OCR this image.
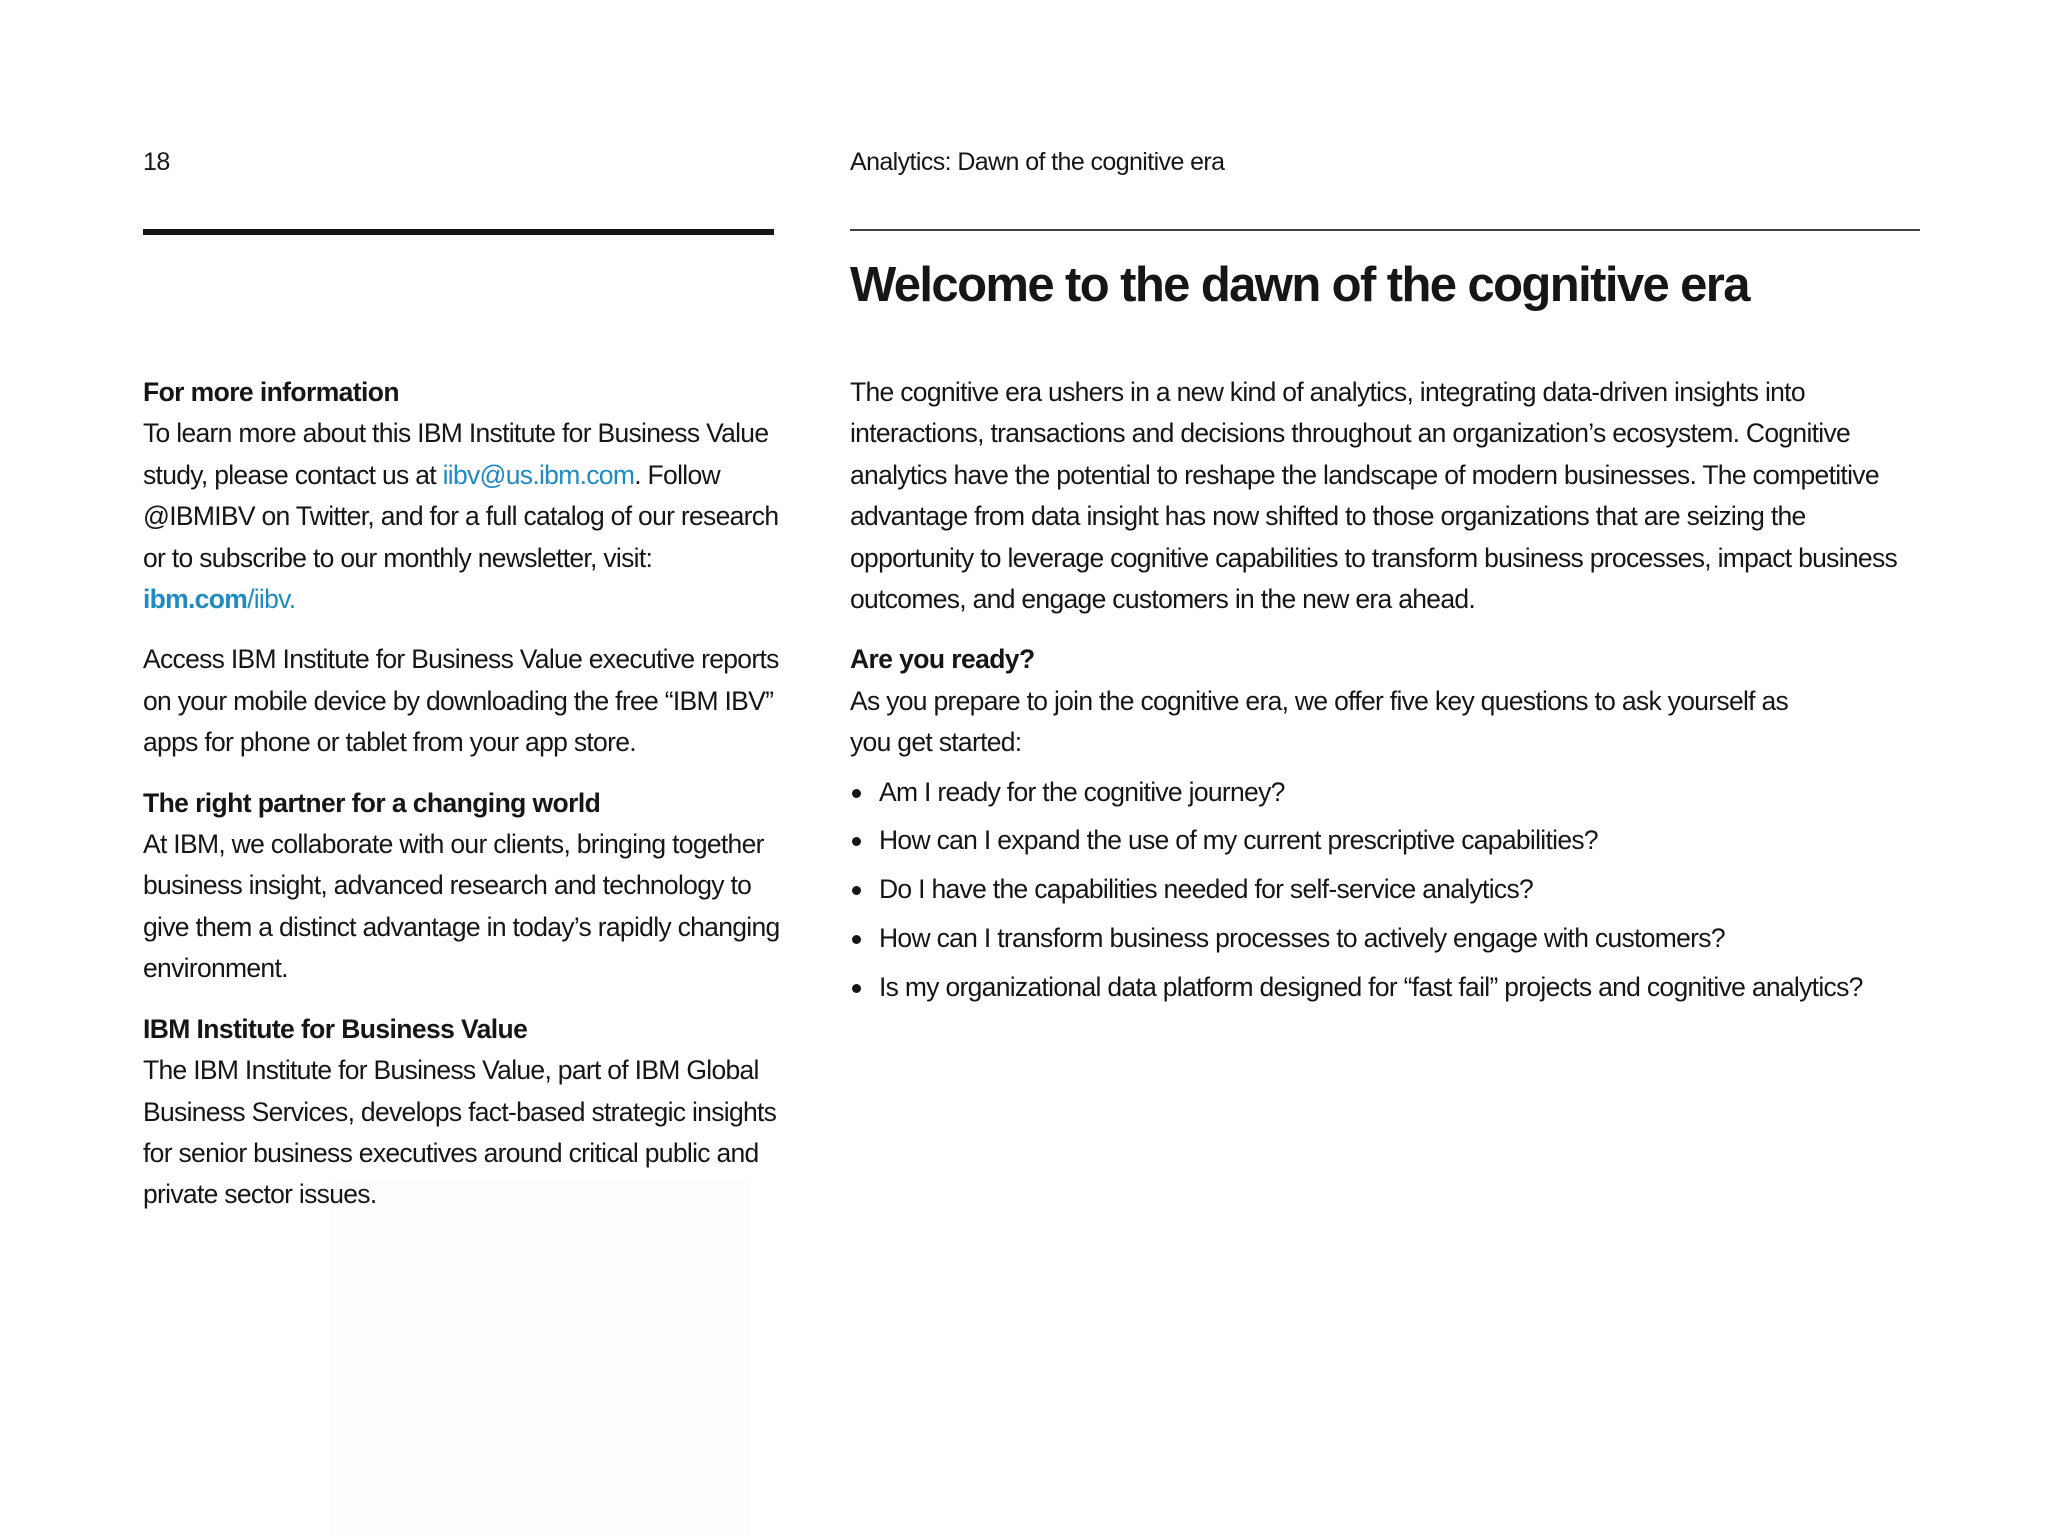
18	Analytics: Dawn of the cognitive era
Welcome to the dawn of the cognitive era
For more information

To learn more about this IBM Institute for Business Value study, please contact us at iibv@us.ibm.com. Follow @IBMIBV on Twitter, and for a full catalog of our research or to subscribe to our monthly newsletter, visit: ibm.com/iibv.

Access IBM Institute for Business Value executive reports on your mobile device by downloading the free “IBM IBV” apps for phone or tablet from your app store.

The right partner for a changing world

At IBM, we collaborate with our clients, bringing together business insight, advanced research and technology to give them a distinct advantage in today’s rapidly changing environment.

IBM Institute for Business Value

The IBM Institute for Business Value, part of IBM Global Business Services, develops fact-based strategic insights for senior business executives around critical public and private sector issues.

The cognitive era ushers in a new kind of analytics, integrating data-driven insights into interactions, transactions and decisions throughout an organization’s ecosystem. Cognitive analytics have the potential to reshape the landscape of modern businesses. The competitive advantage from data insight has now shifted to those organizations that are seizing the opportunity to leverage cognitive capabilities to transform business processes, impact business outcomes, and engage customers in the new era ahead.

Are you ready?

As you prepare to join the cognitive era, we offer five key questions to ask yourself as you get started:

Am I ready for the cognitive journey?
How can I expand the use of my current prescriptive capabilities?
Do I have the capabilities needed for self-service analytics?
How can I transform business processes to actively engage with customers?
Is my organizational data platform designed for “fast fail” projects and cognitive analytics?
